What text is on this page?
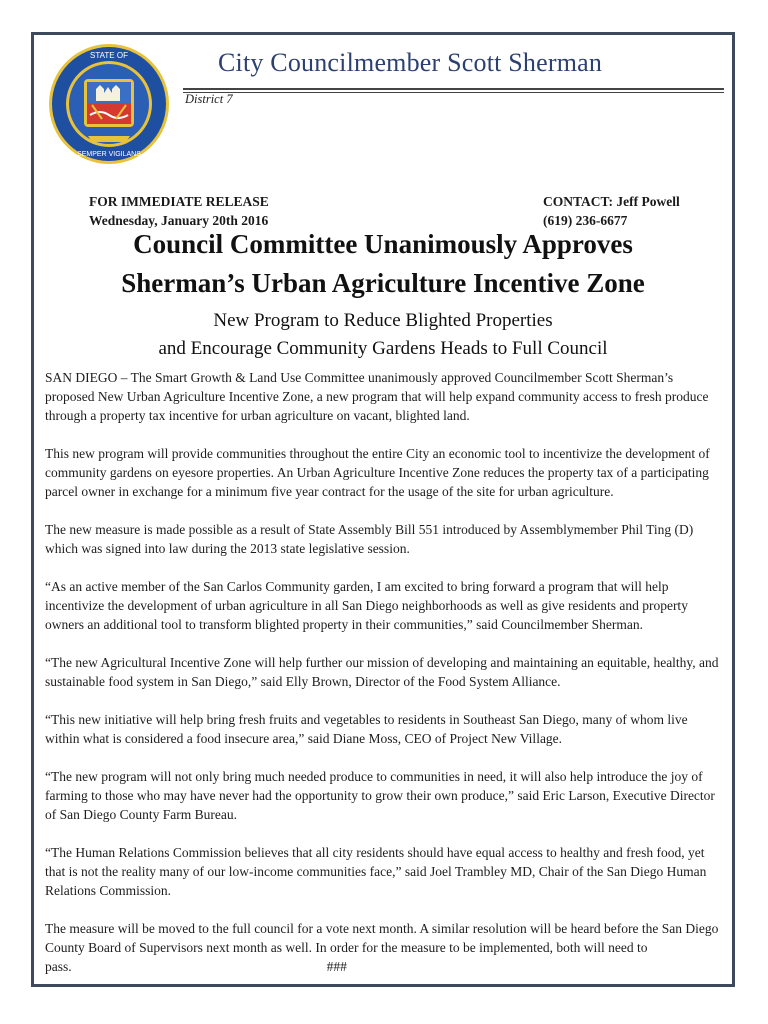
STATE OF
SEMPER VIGILANS
City Councilmember Scott Sherman
District 7
FOR IMMEDIATE RELEASE
Wednesday, January 20th 2016
CONTACT: Jeff Powell
(619) 236-6677
Council Committee Unanimously Approves
Sherman’s Urban Agriculture Incentive Zone
New Program to Reduce Blighted Properties
and Encourage Community Gardens Heads to Full Council

SAN DIEGO – The Smart Growth & Land Use Committee unanimously approved Councilmember Scott Sherman’s proposed New Urban Agriculture Incentive Zone, a new program that will help expand community access to fresh produce through a property tax incentive for urban agriculture on vacant, blighted land.

This new program will provide communities throughout the entire City an economic tool to incentivize the development of community gardens on eyesore properties. An Urban Agriculture Incentive Zone reduces the property tax of a participating parcel owner in exchange for a minimum five year contract for the usage of the site for urban agriculture.

The new measure is made possible as a result of State Assembly Bill 551 introduced by Assemblymember Phil Ting (D) which was signed into law during the 2013 state legislative session.

“As an active member of the San Carlos Community garden, I am excited to bring forward a program that will help incentivize the development of urban agriculture in all San Diego neighborhoods as well as give residents and property owners an additional tool to transform blighted property in their communities,” said Councilmember Sherman.

“The new Agricultural Incentive Zone will help further our mission of developing and maintaining an equitable, healthy, and sustainable food system in San Diego,” said Elly Brown, Director of the Food System Alliance.

“This new initiative will help bring fresh fruits and vegetables to residents in Southeast San Diego, many of whom live within what is considered a food insecure area,” said Diane Moss, CEO of Project New Village.

“The new program will not only bring much needed produce to communities in need, it will also help introduce the joy of farming to those who may have never had the opportunity to grow their own produce,” said Eric Larson, Executive Director of San Diego County Farm Bureau.

“The Human Relations Commission believes that all city residents should have equal access to healthy and fresh food, yet that is not the reality many of our low-income communities face,” said Joel Trambley MD, Chair of the San Diego Human Relations Commission.

The measure will be moved to the full council for a vote next month. A similar resolution will be heard before the San Diego County Board of Supervisors next month as well. In order for the measure to be implemented, both will need to pass.	###
